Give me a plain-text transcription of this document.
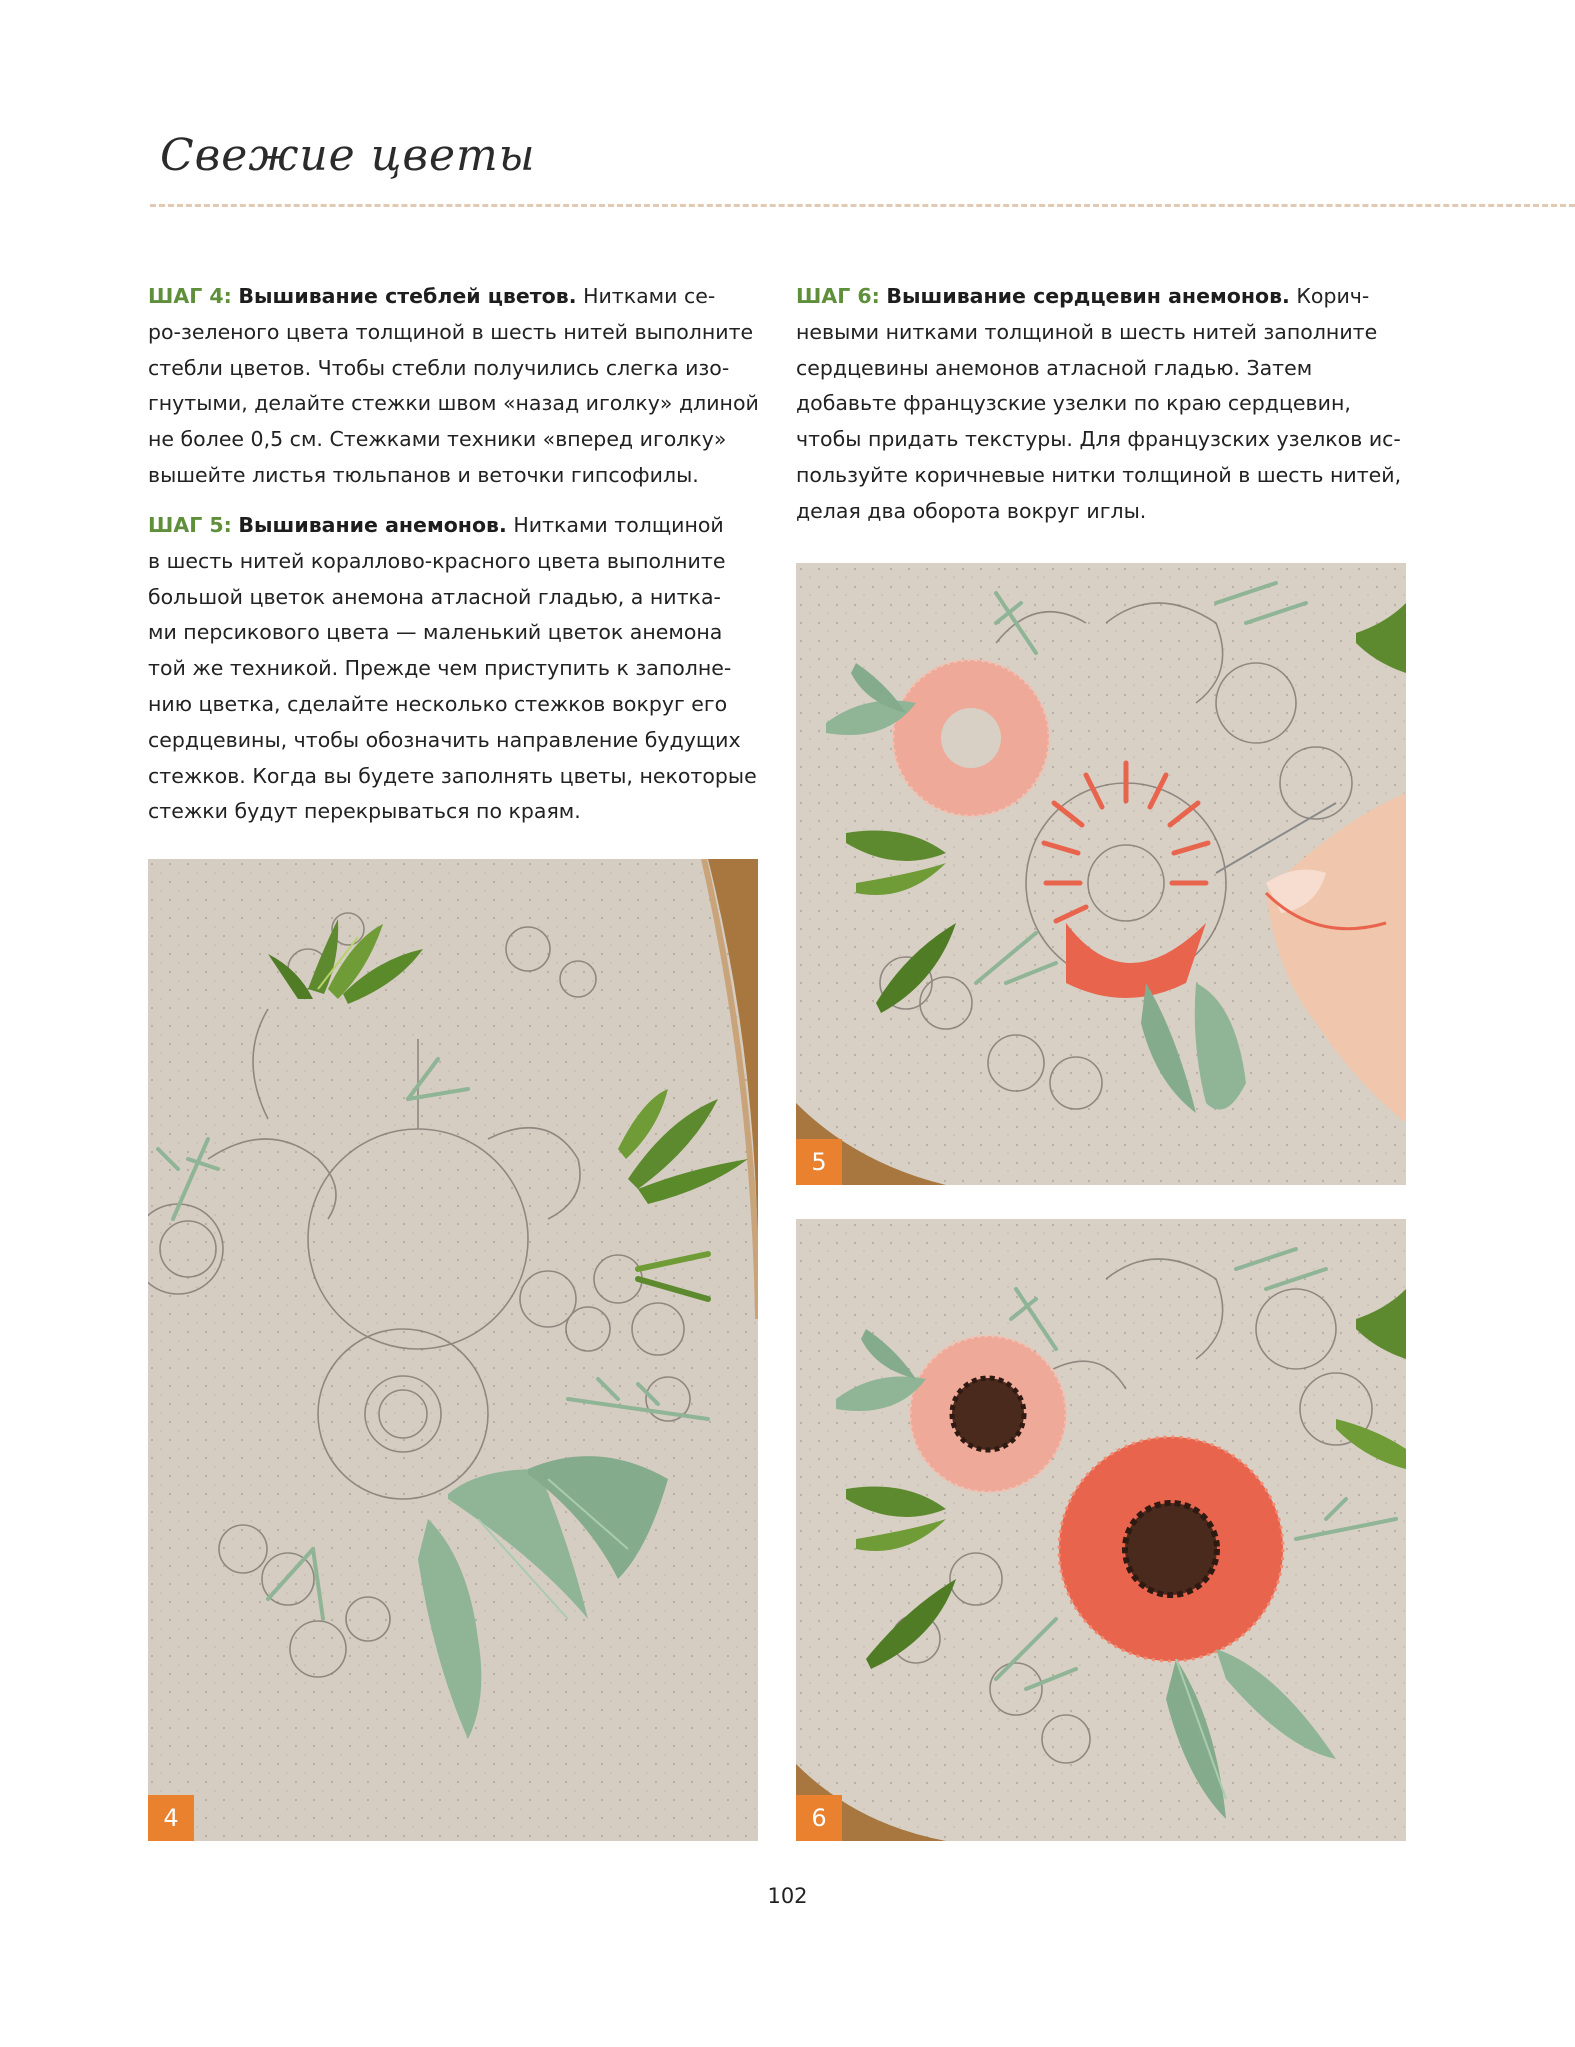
Свежие цветы

ШАГ 4: Вышивание стеблей цветов. Нитками се-
ро-зеленого цвета толщиной в шесть нитей выполните
стебли цветов. Чтобы стебли получились слегка изо-
гнутыми, делайте стежки швом «назад иголку» длиной
не более 0,5 см. Стежками техники «вперед иголку»
вышейте листья тюльпанов и веточки гипсофилы.

ШАГ 5: Вышивание анемонов. Нитками толщиной
в шесть нитей кораллово-красного цвета выполните
большой цветок анемона атласной гладью, а нитка-
ми персикового цвета — маленький цветок анемона
той же техникой. Прежде чем приступить к заполне-
нию цветка, сделайте несколько стежков вокруг его
сердцевины, чтобы обозначить направление будущих
стежков. Когда вы будете заполнять цветы, некоторые
стежки будут перекрываться по краям.

ШАГ 6: Вышивание сердцевин анемонов. Корич-
невыми нитками толщиной в шесть нитей заполните
сердцевины анемонов атласной гладью. Затем
добавьте французские узелки по краю сердцевин,
чтобы придать текстуры. Для французских узелков ис-
пользуйте коричневые нитки толщиной в шесть нитей,
делая два оборота вокруг иглы.

4
5
6
102
